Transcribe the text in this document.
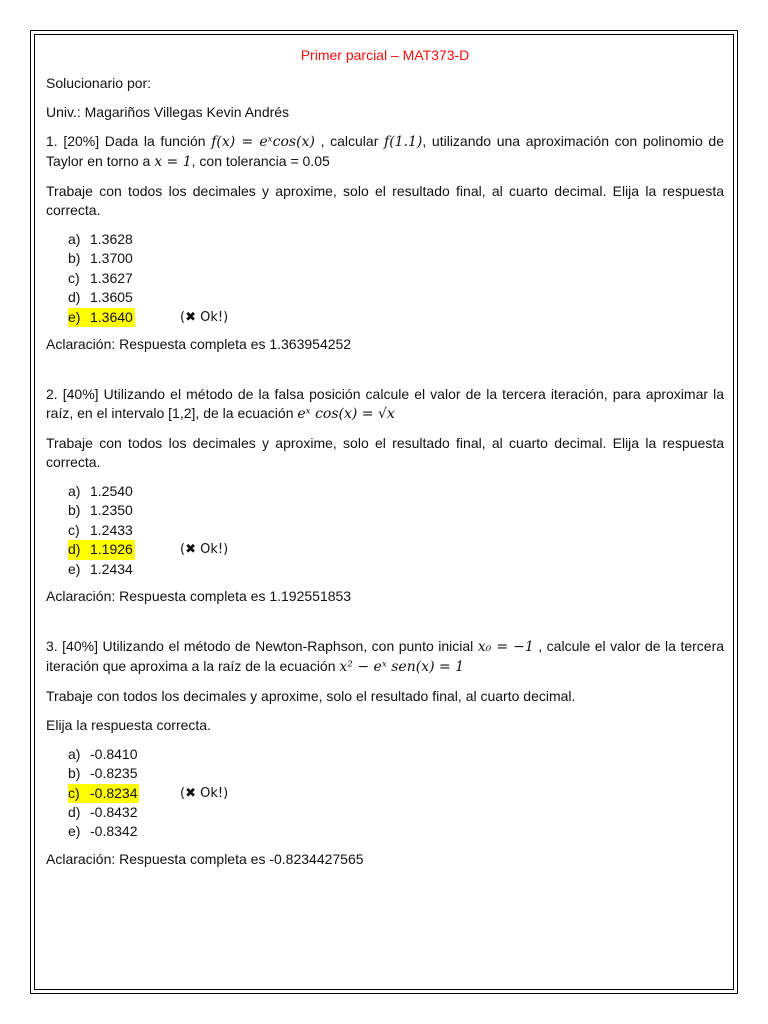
Primer parcial – MAT373-D

Solucionario por:

Univ.: Magariños Villegas Kevin Andrés

1. [20%] Dada la función f(x) = eˣcos(x) , calcular f(1.1), utilizando una aproximación con polinomio de Taylor en torno a x = 1, con tolerancia = 0.05

Trabaje con todos los decimales y aproxime, solo el resultado final, al cuarto decimal. Elija la respuesta correcta.

a) 1.3628
b) 1.3700
c) 1.3627
d) 1.3605
e) 1.3640	(✖ Ok!)

Aclaración: Respuesta completa es 1.363954252

2. [40%] Utilizando el método de la falsa posición calcule el valor de la tercera iteración, para aproximar la raíz, en el intervalo [1,2], de la ecuación eˣ cos(x) = √x

Trabaje con todos los decimales y aproxime, solo el resultado final, al cuarto decimal. Elija la respuesta correcta.

a) 1.2540
b) 1.2350
c) 1.2433
d) 1.1926	(✖ Ok!)
e) 1.2434

Aclaración: Respuesta completa es 1.192551853

3. [40%] Utilizando el método de Newton-Raphson, con punto inicial x₀ = −1 , calcule el valor de la tercera iteración que aproxima a la raíz de la ecuación x² − eˣ sen(x) = 1

Trabaje con todos los decimales y aproxime, solo el resultado final, al cuarto decimal.

Elija la respuesta correcta.

a) -0.8410
b) -0.8235
c) -0.8234	(✖ Ok!)
d) -0.8432
e) -0.8342

Aclaración: Respuesta completa es -0.8234427565
